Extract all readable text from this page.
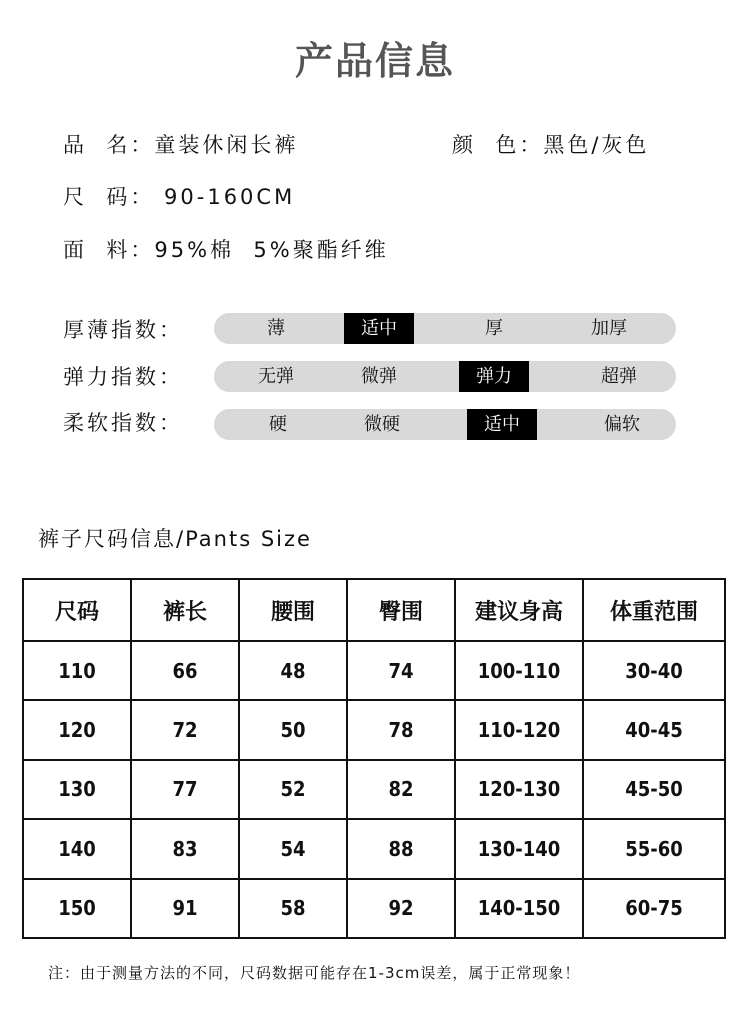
产品信息
品  名：童装休闲长裤	颜  色：黑色/灰色
尺  码： 90-160CM
面  料：95%棉  5%聚酯纤维
厚薄指数：	薄	适中	厚	加厚
弹力指数：	无弹	微弹	弹力	超弹
柔软指数：	硬	微硬	适中	偏软
裤子尺码信息/Pants Size
尺码	裤长	腰围	臀围	建议身高	体重范围
110	66	48	74	100-110	30-40
120	72	50	78	110-120	40-45
130	77	52	82	120-130	45-50
140	83	54	88	130-140	55-60
150	91	58	92	140-150	60-75
注：由于测量方法的不同，尺码数据可能存在1-3cm误差，属于正常现象！
